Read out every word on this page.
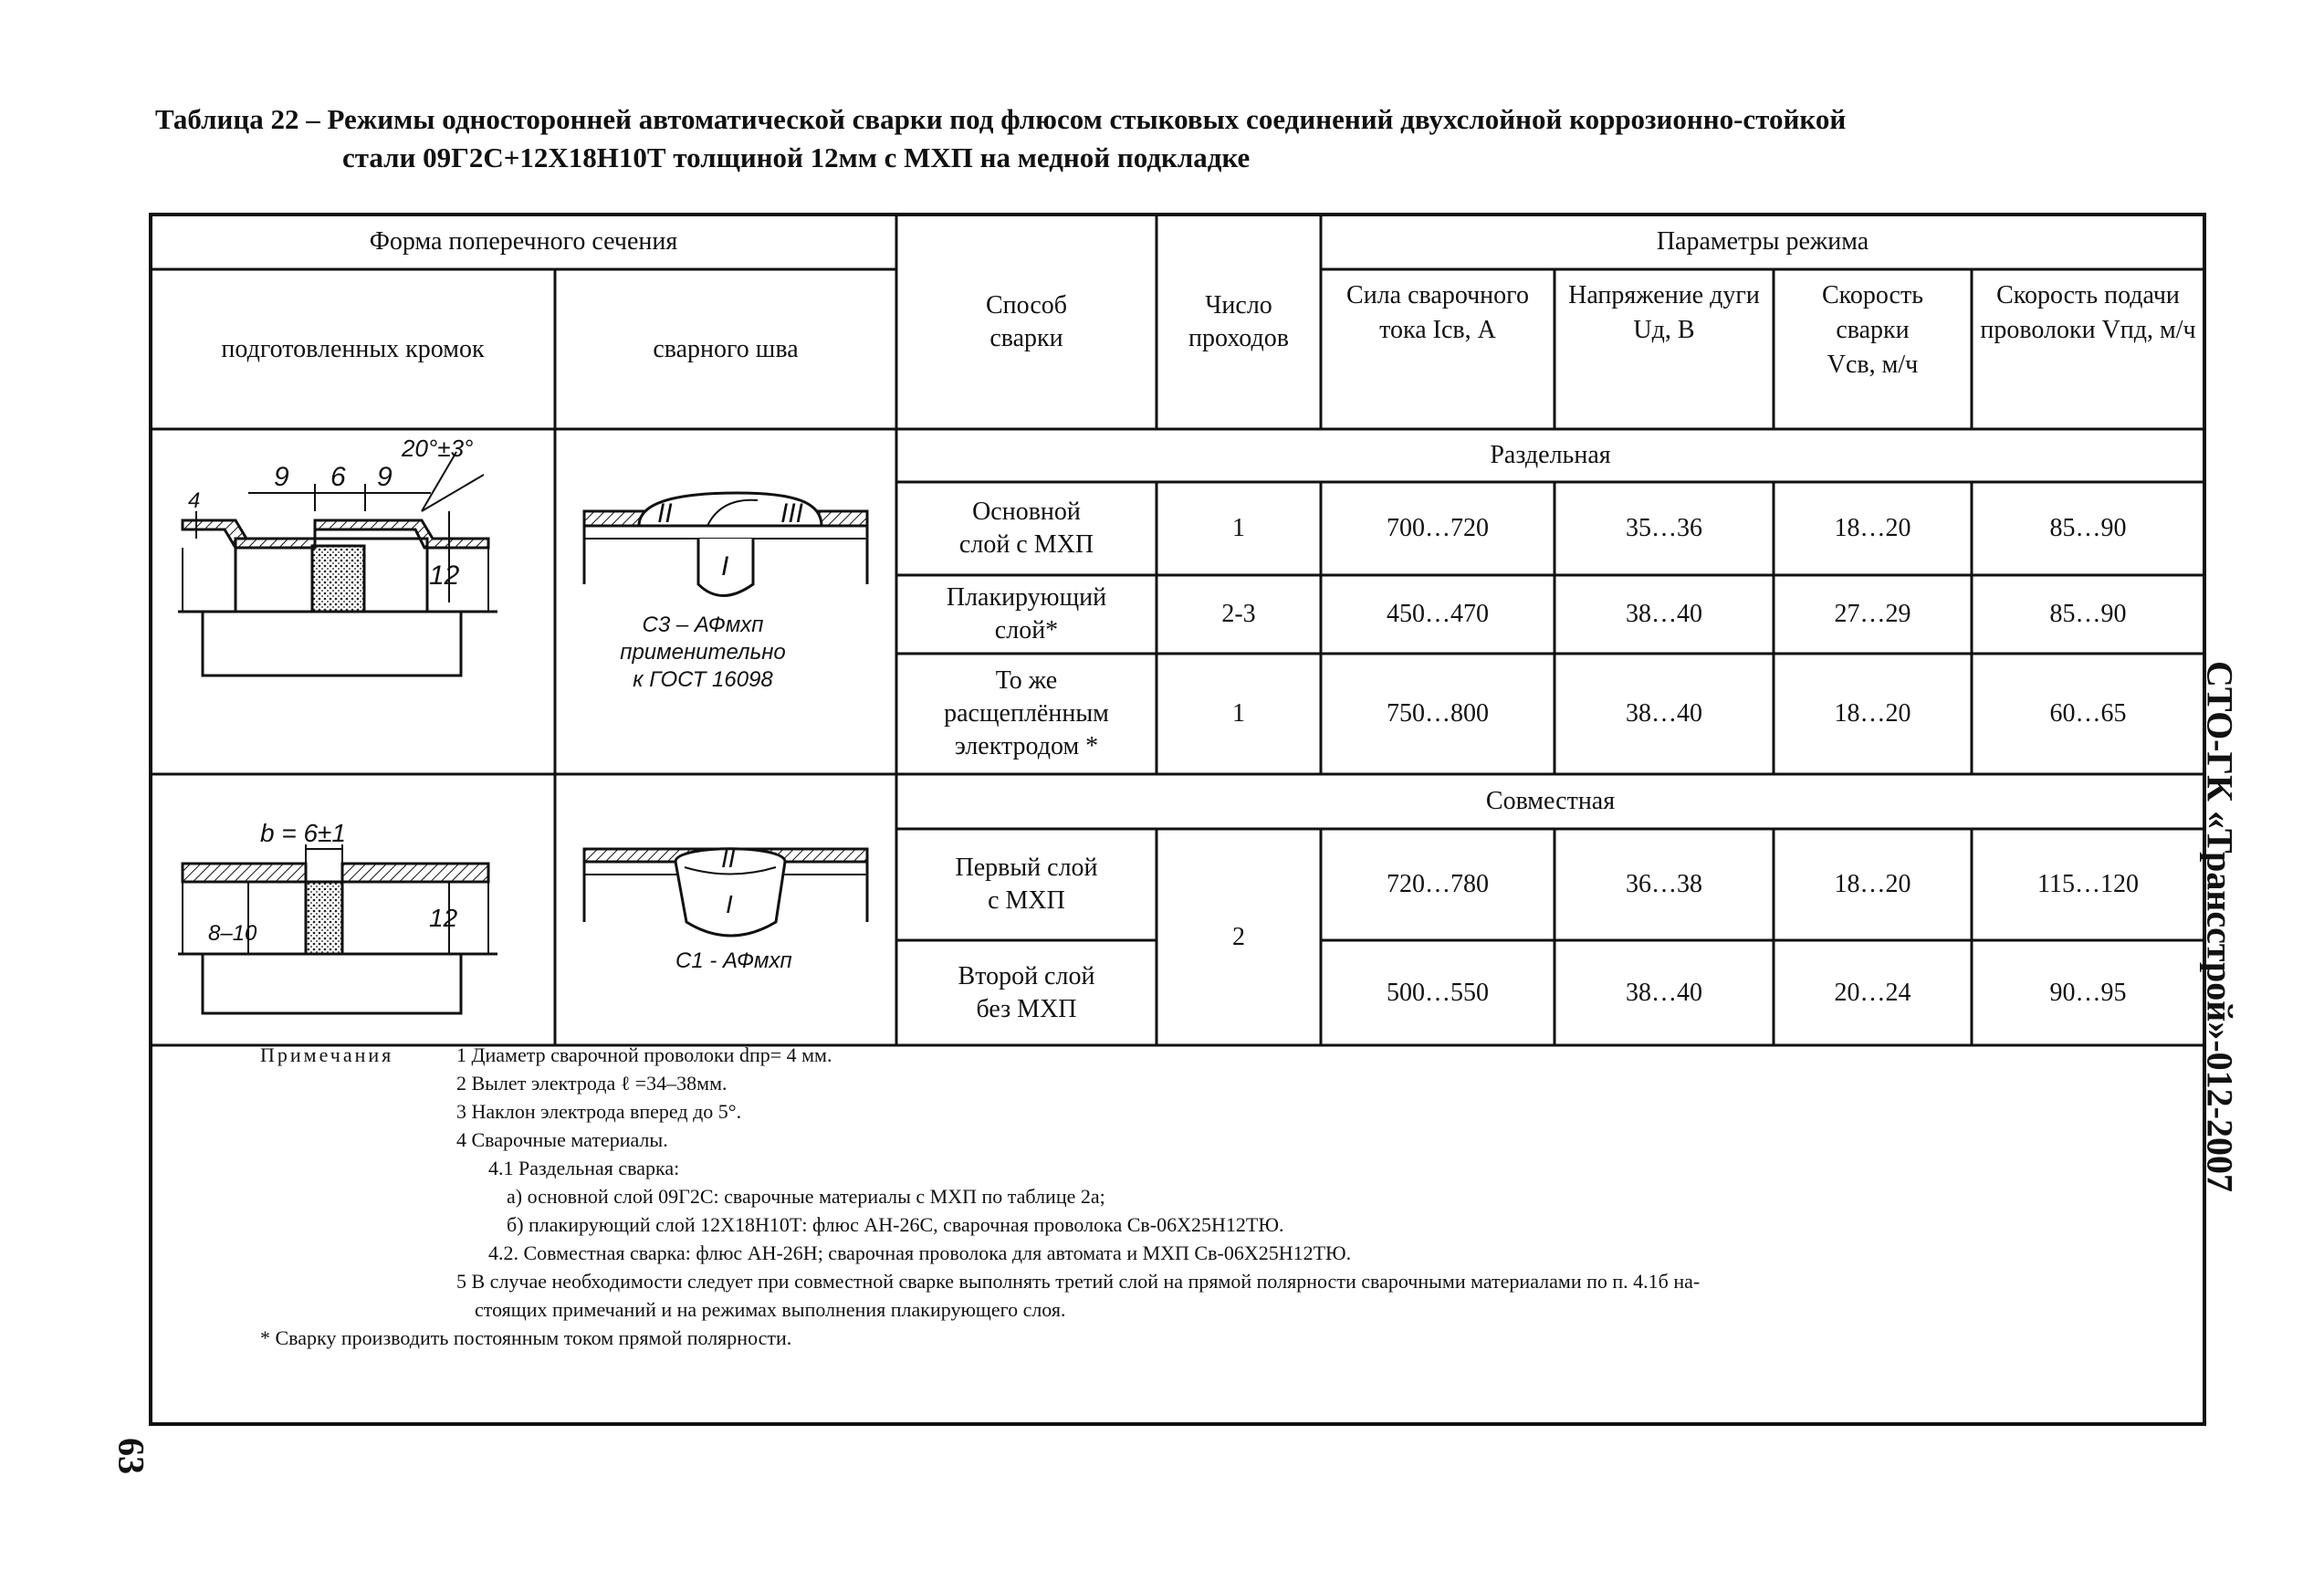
Таблица 22 – Режимы односторонней автоматической сварки под флюсом стыковых соединений двухслойной коррозионно-стойкой
стали 09Г2С+12Х18Н10Т толщиной 12мм с МХП на медной подкладке
СТО-ГК «Трансстрой»-012-2007
63
9 6 9
20°±3°
4
12
II	III
I
С3 – АФмхп
применительно
к ГОСТ 16098
b = 6±1
12
8–10
II
I
С1 - АФмхп
Форма поперечного сечения
подготовленных кромок	сварного шва
Способ сварки
Число проходов
Параметры режима
Сила сварочного тока Iсв, А
Напряжение дуги Uд, В
Скорость сварки Vсв, м/ч
Скорость подачи проволоки Vпд, м/ч
Раздельная
Основной
слой с МХП
1	700…720	35…36	18…20	85…90
Плакирующий
слой*
2-3	450…470	38…40	27…29	85…90
То же
расщеплённым
электродом *
1	750…800	38…40	18…20	60…65
Совместная
Первый слой
с МХП
2
720…780	36…38	18…20	115…120
Второй слой
без МХП
500…550	38…40	20…24	90…95
Примечания	1 Диаметр сварочной проволоки dпр= 4 мм.
2 Вылет электрода ℓ =34–38мм.
3 Наклон электрода вперед до 5°.
4 Сварочные материалы.
4.1 Раздельная сварка:
а) основной слой 09Г2С: сварочные материалы с МХП по таблице 2а;
б) плакирующий слой 12Х18Н10Т: флюс АН-26С, сварочная проволока Св-06Х25Н12ТЮ.
4.2. Совместная сварка: флюс АН-26Н; сварочная проволока для автомата и МХП Св-06Х25Н12ТЮ.
5 В случае необходимости следует при совместной сварке выполнять третий слой на прямой полярности сварочными материалами по п. 4.1б на-
стоящих примечаний и на режимах выполнения плакирующего слоя.
* Сварку производить постоянным током прямой полярности.
